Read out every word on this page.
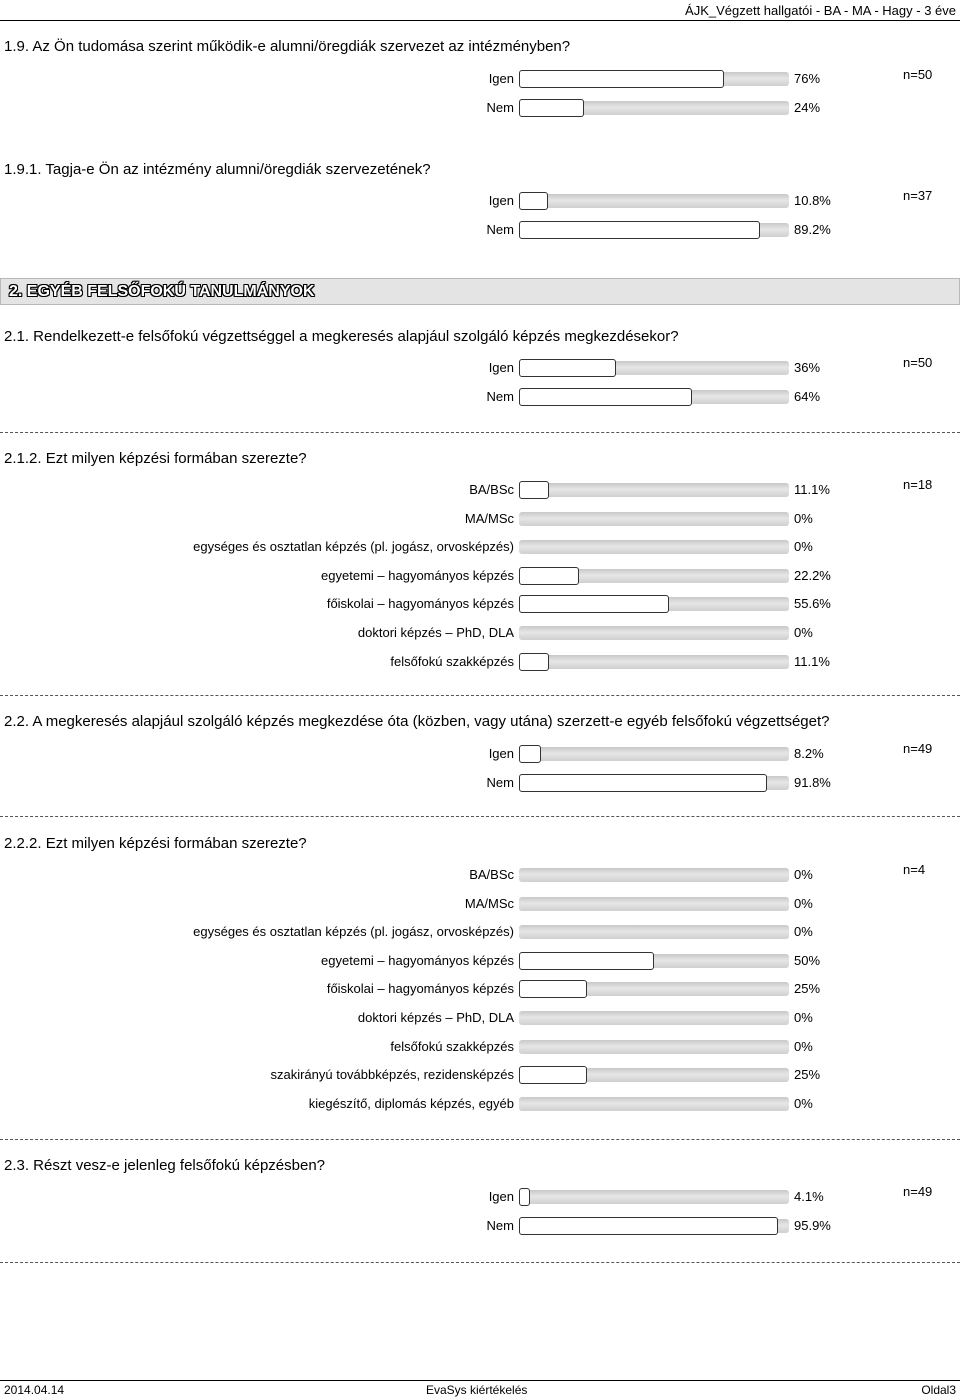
ÁJK_Végzett hallgatói - BA - MA - Hagy - 3 éve
2. EGYÉB FELSŐFOKÚ TANULMÁNYOK
1.9. Az Ön tudomása szerint működik-e alumni/öregdiák szervezet az intézményben?
n=50
Igen	76%
Nem	24%
1.9.1. Tagja-e Ön az intézmény alumni/öregdiák szervezetének?
n=37
Igen	10.8%
Nem	89.2%
2.1. Rendelkezett-e felsőfokú végzettséggel a megkeresés alapjául szolgáló képzés megkezdésekor?
n=50
Igen	36%
Nem	64%
2.1.2. Ezt milyen képzési formában szerezte?
n=18
BA/BSc	11.1%
MA/MSc	0%
egységes és osztatlan képzés (pl. jogász, orvosképzés)	0%
egyetemi – hagyományos képzés	22.2%
főiskolai – hagyományos képzés	55.6%
doktori képzés – PhD, DLA	0%
felsőfokú szakképzés	11.1%
2.2. A megkeresés alapjául szolgáló képzés megkezdése óta (közben, vagy utána) szerzett-e egyéb felsőfokú végzettséget?
n=49
Igen	8.2%
Nem	91.8%
2.2.2. Ezt milyen képzési formában szerezte?
n=4
BA/BSc	0%
MA/MSc	0%
egységes és osztatlan képzés (pl. jogász, orvosképzés)	0%
egyetemi – hagyományos képzés	50%
főiskolai – hagyományos képzés	25%
doktori képzés – PhD, DLA	0%
felsőfokú szakképzés	0%
szakirányú továbbképzés, rezidensképzés	25%
kiegészítő, diplomás képzés, egyéb	0%
2.3. Részt vesz-e jelenleg felsőfokú képzésben?
n=49
Igen	4.1%
Nem	95.9%
2014.04.14	EvaSys kiértékelés	Oldal3
